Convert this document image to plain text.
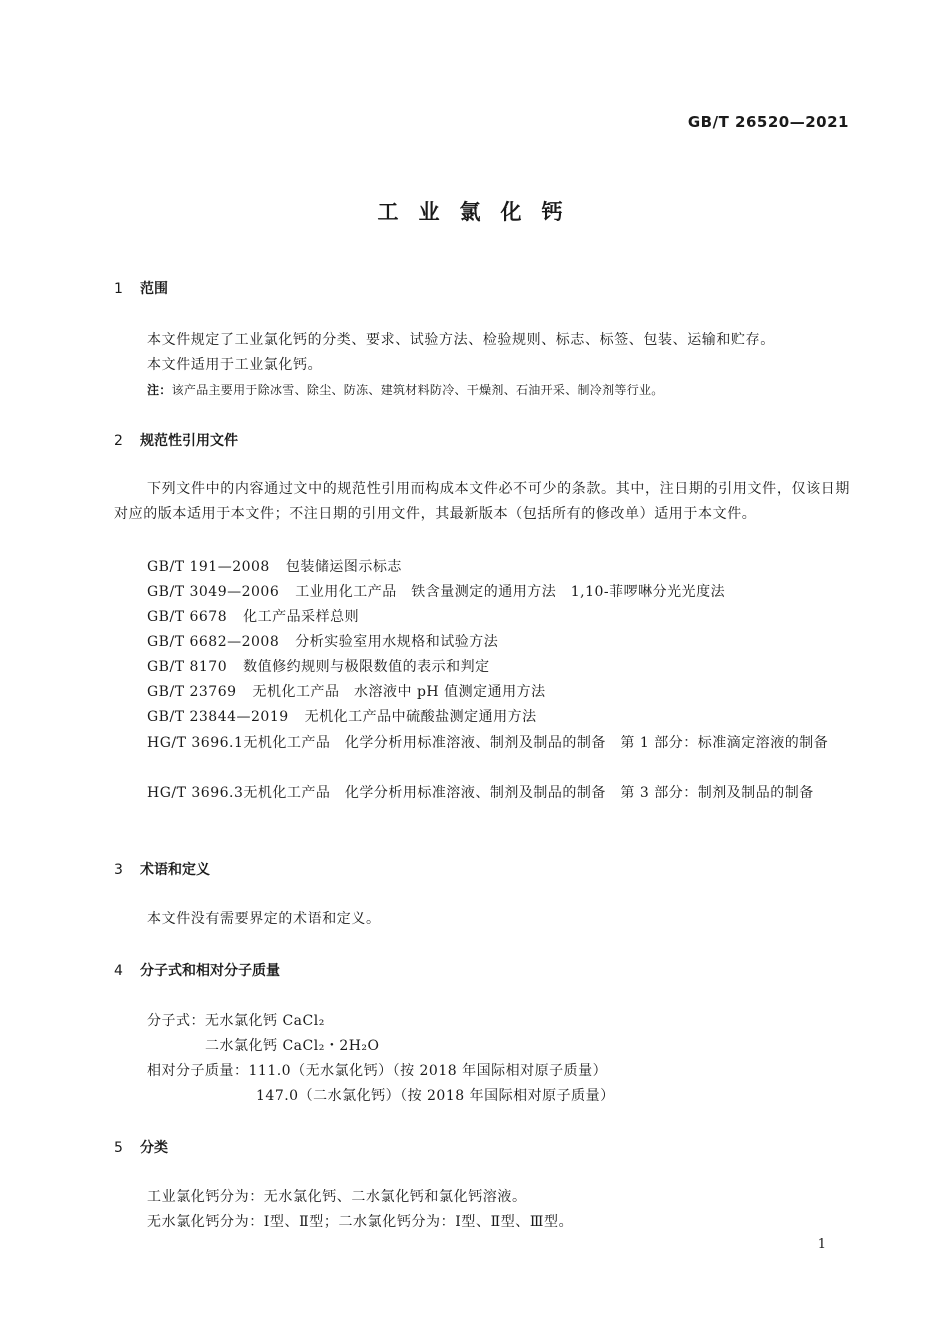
GB/T 26520—2021
工业氯化钙
1 范围
本文件规定了工业氯化钙的分类、要求、试验方法、检验规则、标志、标签、包装、运输和贮存。
本文件适用于工业氯化钙。
注：该产品主要用于除冰雪、除尘、防冻、建筑材料防冷、干燥剂、石油开采、制冷剂等行业。
2 规范性引用文件
下列文件中的内容通过文中的规范性引用而构成本文件必不可少的条款。其中，注日期的引用文件，仅该日期对应的版本适用于本文件；不注日期的引用文件，其最新版本（包括所有的修改单）适用于本文件。
GB/T 191—2008 包装储运图示标志
GB/T 3049—2006 工业用化工产品　铁含量测定的通用方法　1,10-菲啰啉分光光度法
GB/T 6678 化工产品采样总则
GB/T 6682—2008 分析实验室用水规格和试验方法
GB/T 8170 数值修约规则与极限数值的表示和判定
GB/T 23769 无机化工产品　水溶液中 pH 值测定通用方法
GB/T 23844—2019 无机化工产品中硫酸盐测定通用方法
HG/T 3696.1无机化工产品　化学分析用标准溶液、制剂及制品的制备　第 1 部分：标准滴定溶液的制备
HG/T 3696.3无机化工产品　化学分析用标准溶液、制剂及制品的制备　第 3 部分：制剂及制品的制备
3 术语和定义
本文件没有需要界定的术语和定义。
4 分子式和相对分子质量
分子式：无水氯化钙 CaCl₂
二水氯化钙 CaCl₂・2H₂O
相对分子质量：111.0（无水氯化钙）（按 2018 年国际相对原子质量）
147.0（二水氯化钙）（按 2018 年国际相对原子质量）
5 分类
工业氯化钙分为：无水氯化钙、二水氯化钙和氯化钙溶液。
无水氯化钙分为：Ⅰ型、Ⅱ型；二水氯化钙分为：Ⅰ型、Ⅱ型、Ⅲ型。
1
